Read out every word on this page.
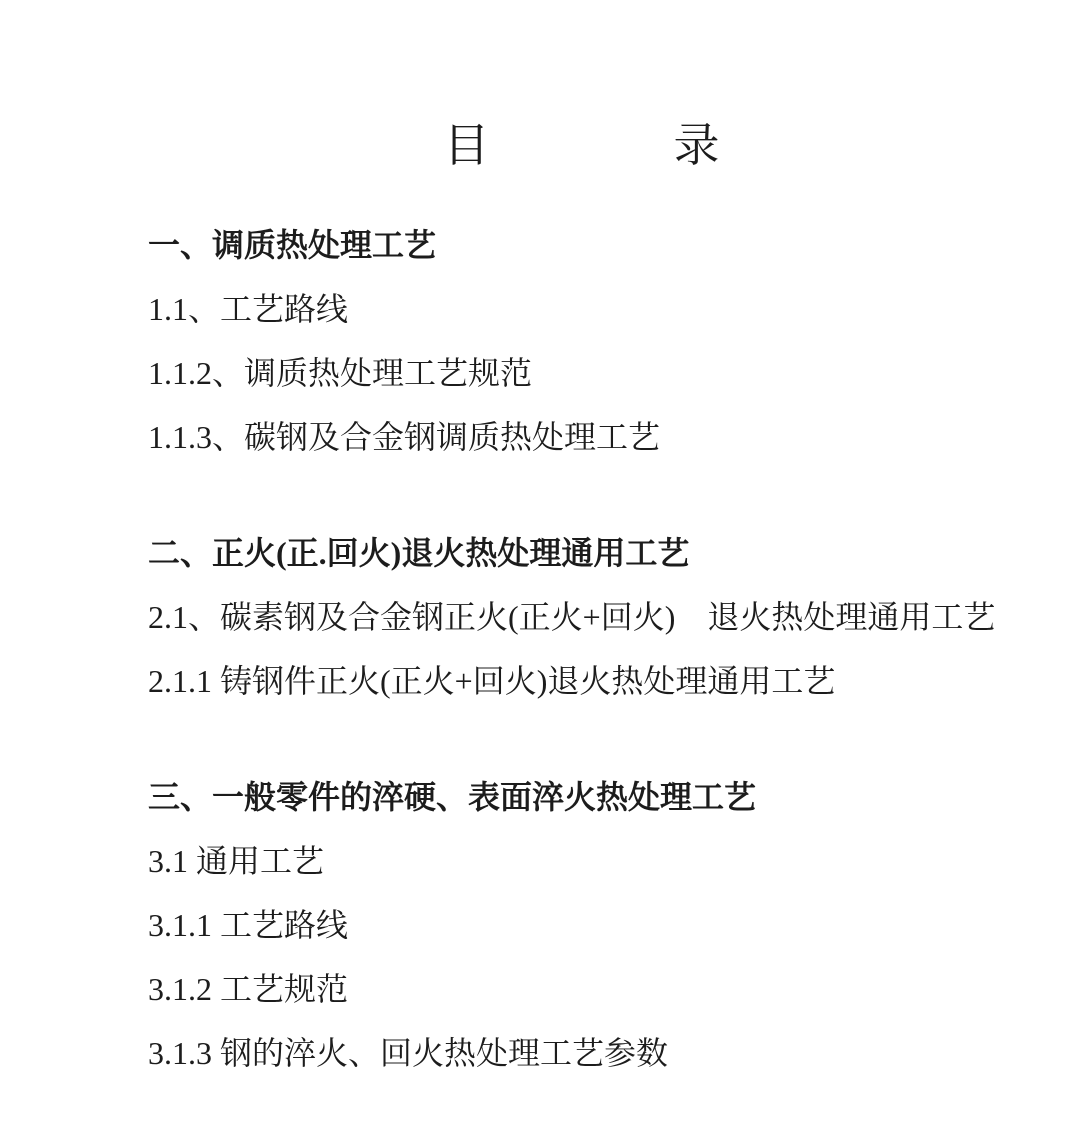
目　　　　录

一、调质热处理工艺

1.1、工艺路线

1.1.2、调质热处理工艺规范

1.1.3、碳钢及合金钢调质热处理工艺

二、正火(正.回火)退火热处理通用工艺

2.1、碳素钢及合金钢正火(正火+回火)　退火热处理通用工艺

2.1.1 铸钢件正火(正火+回火)退火热处理通用工艺

三、一般零件的淬硬、表面淬火热处理工艺

3.1 通用工艺

3.1.1 工艺路线

3.1.2 工艺规范

3.1.3 钢的淬火、回火热处理工艺参数
